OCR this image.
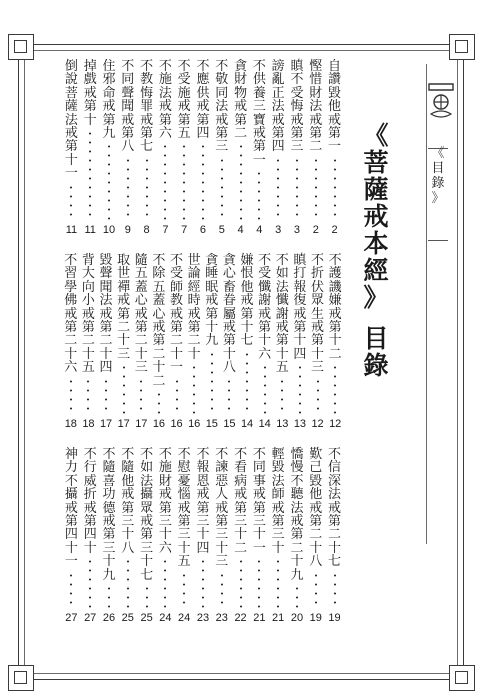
《
目
錄
》
《
菩
薩
戒
本
經
》
目
錄
自
讚
毀
他
戒
第
一
2
慳
惜
財
法
戒
第
二
2
瞋
不
受
悔
戒
第
三
3
謗
亂
正
法
戒
第
四
3
不
供
養
三
寶
戒
第
一
4
貪
財
物
戒
第
二
4
不
敬
同
法
戒
第
三
5
不
應
供
戒
第
四
6
不
受
施
戒
第
五
7
不
施
法
戒
第
六
7
不
教
悔
罪
戒
第
七
8
不
同
聲
聞
戒
第
八
9
住
邪
命
戒
第
九
10
掉
戲
戒
第
十
11
倒
說
菩
薩
法
戒
第
十
一
11
不
護
譏
嫌
戒
第
十
二
12
不
折
伏
眾
生
戒
第
十
三
12
瞋
打
報
復
戒
第
十
四
13
不
如
法
懺
謝
戒
第
十
五
13
不
受
懺
謝
戒
第
十
六
14
嫌
恨
他
戒
第
十
七
14
貪
心
畜
眷
屬
戒
第
十
八
15
貪
睡
眠
戒
第
十
九
15
世
論
經
時
戒
第
二
十
16
不
受
師
教
戒
第
二
十
一
16
不
除
五
蓋
心
戒
第
二
十
二
16
隨
五
蓋
心
戒
第
二
十
三
17
取
世
禪
戒
第
二
十
三
17
毀
聲
聞
法
戒
第
二
十
四
17
背
大
向
小
戒
第
二
十
五
18
不
習
學
佛
戒
第
二
十
六
18
不
信
深
法
戒
第
二
十
七
19
歎
己
毀
他
戒
第
二
十
八
19
憍
慢
不
聽
法
戒
第
二
十
九
20
輕
毀
法
師
戒
第
三
十
21
不
同
事
戒
第
三
十
一
21
不
看
病
戒
第
三
十
二
22
不
諫
惡
人
戒
第
三
十
三
23
不
報
恩
戒
第
三
十
四
23
不
慰
憂
惱
戒
第
三
十
五
24
不
施
財
戒
第
三
十
六
24
不
如
法
攝
眾
戒
第
三
十
七
25
不
隨
他
戒
第
三
十
八
25
不
隨
喜
功
德
戒
第
三
十
九
26
不
行
威
折
戒
第
四
十
27
神
力
不
攝
戒
第
四
十
一
27
